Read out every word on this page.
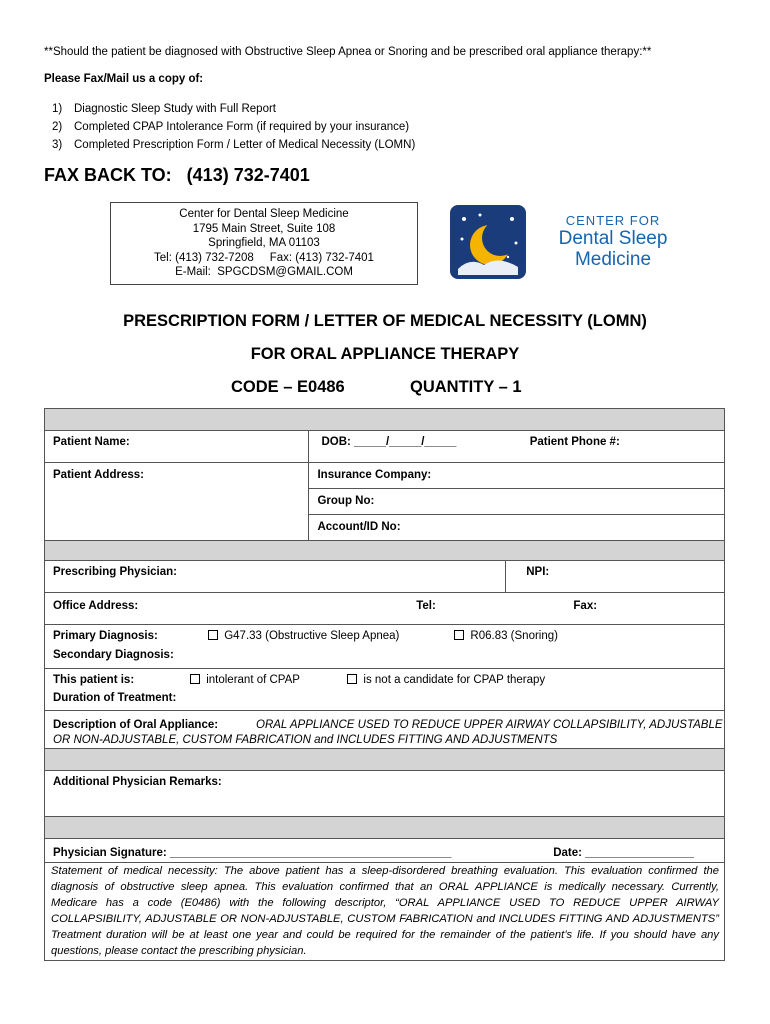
**Should the patient be diagnosed with Obstructive Sleep Apnea or Snoring and be prescribed oral appliance therapy:**
Please Fax/Mail us a copy of:
1) Diagnostic Sleep Study with Full Report
2) Completed CPAP Intolerance Form (if required by your insurance)
3) Completed Prescription Form / Letter of Medical Necessity (LOMN)
FAX BACK TO:   (413) 732-7401
Center for Dental Sleep Medicine
1795 Main Street, Suite 108
Springfield, MA 01103
Tel: (413) 732-7208     Fax: (413) 732-7401
E-Mail:  SPGCDSM@GMAIL.COM
CENTER FOR
Dental Sleep
Medicine
PRESCRIPTION FORM / LETTER OF MEDICAL NECESSITY (LOMN)
FOR ORAL APPLIANCE THERAPY
CODE – E0486	QUANTITY – 1

Patient Name:	DOB: _____/_____/_____ Patient Phone #:	
Patient Address:	Insurance Company:	
	Group No:	
	Account/ID No:	

Prescribing Physician:		NPI:
Office Address: Tel: Fax:		
Primary Diagnosis: G47.33 (Obstructive Sleep Apnea) R06.83 (Snoring)		
Secondary Diagnosis:		
This patient is: intolerant of CPAP is not a candidate for CPAP therapy		
Duration of Treatment:		
Description of Oral Appliance: ORAL APPLIANCE USED TO REDUCE UPPER AIRWAY COLLAPSIBILITY, ADJUSTABLE
OR NON-ADJUSTABLE, CUSTOM FABRICATION and INCLUDES FITTING AND ADJUSTMENTS		

Additional Physician Remarks:		

Physician Signature: ____________________________________________ Date: _________________		
Statement of medical necessity: The above patient has a sleep-disordered breathing evaluation. This evaluation confirmed the diagnosis of obstructive sleep apnea. This evaluation confirmed that an ORAL APPLIANCE is medically necessary. Currently, Medicare has a code (E0486) with the following descriptor, “ORAL APPLIANCE USED TO REDUCE UPPER AIRWAY COLLAPSIBILITY, ADJUSTABLE OR NON-ADJUSTABLE, CUSTOM FABRICATION and INCLUDES FITTING AND ADJUSTMENTS” Treatment duration will be at least one year and could be required for the remainder of the patient’s life. If you should have any questions, please contact the prescribing physician.		
